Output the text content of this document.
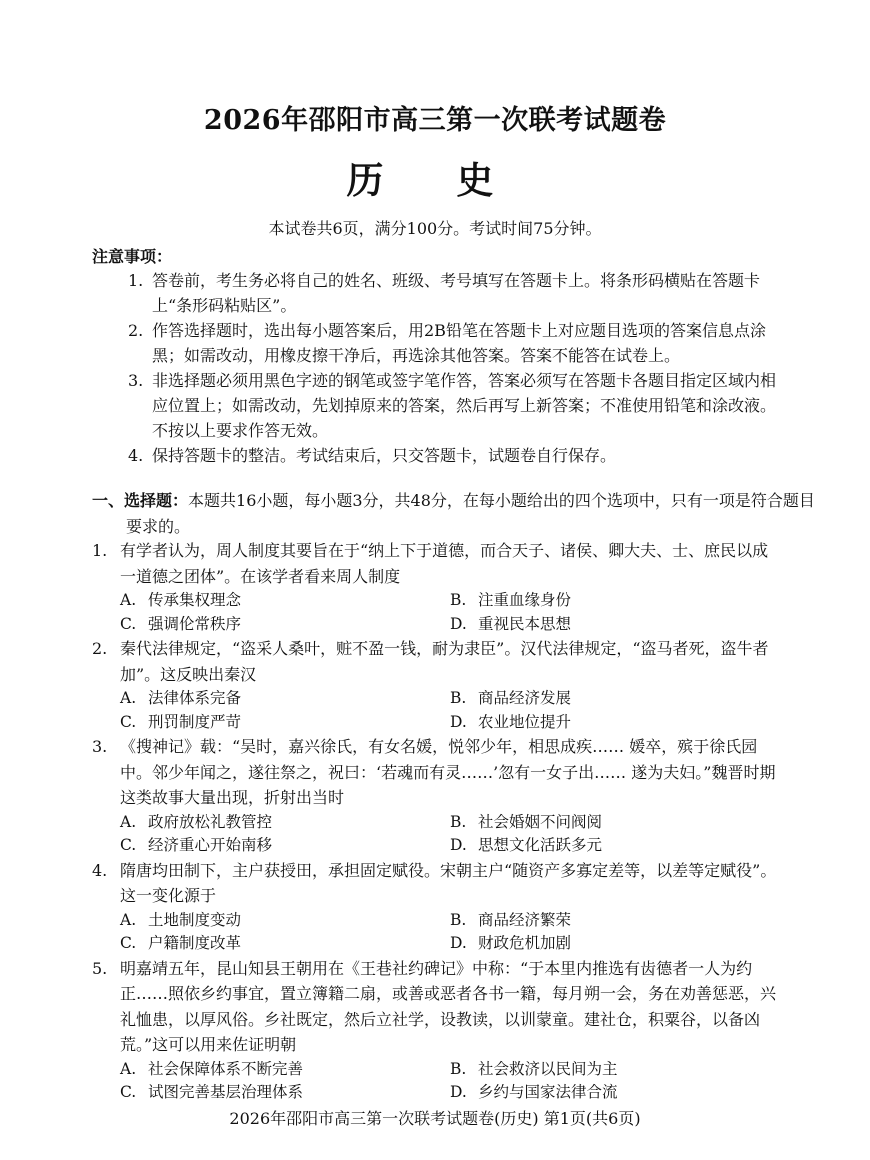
2026年邵阳市高三第一次联考试题卷
历 史
本试卷共6页，满分100分。考试时间75分钟。
注意事项：
1. 答卷前，考生务必将自己的姓名、班级、考号填写在答题卡上。将条形码横贴在答题卡上“条形码粘贴区”。
2. 作答选择题时，选出每小题答案后，用2B铅笔在答题卡上对应题目选项的答案信息点涂黑；如需改动，用橡皮擦干净后，再选涂其他答案。答案不能答在试卷上。
3. 非选择题必须用黑色字迹的钢笔或签字笔作答，答案必须写在答题卡各题目指定区域内相应位置上；如需改动，先划掉原来的答案，然后再写上新答案；不准使用铅笔和涂改液。不按以上要求作答无效。
4. 保持答题卡的整洁。考试结束后，只交答题卡，试题卷自行保存。
一、选择题：本题共16小题，每小题3分，共48分，在每小题给出的四个选项中，只有一项是符合题目要求的。
1. 有学者认为，周人制度其要旨在于“纳上下于道德，而合天子、诸侯、卿大夫、士、庶民以成一道德之团体”。在该学者看来周人制度
A. 传承集权理念	B. 注重血缘身份
C. 强调伦常秩序	D. 重视民本思想
2. 秦代法律规定，“盗采人桑叶，赃不盈一钱，耐为隶臣”。汉代法律规定，“盗马者死，盗牛者加”。这反映出秦汉
A. 法律体系完备	B. 商品经济发展
C. 刑罚制度严苛	D. 农业地位提升
3. 《搜神记》载：“吴时，嘉兴徐氏，有女名媛，悦邻少年，相思成疾…… 媛卒，殡于徐氏园中。邻少年闻之，遂往祭之，祝曰：‘若魂而有灵……’忽有一女子出…… 遂为夫妇。”魏晋时期这类故事大量出现，折射出当时
A. 政府放松礼教管控	B. 社会婚姻不问阀阅
C. 经济重心开始南移	D. 思想文化活跃多元
4. 隋唐均田制下，主户获授田，承担固定赋役。宋朝主户“随资产多寡定差等，以差等定赋役”。这一变化源于
A. 土地制度变动	B. 商品经济繁荣
C. 户籍制度改革	D. 财政危机加剧
5. 明嘉靖五年，昆山知县王朝用在《王巷社约碑记》中称：“于本里内推选有齿德者一人为约正……照依乡约事宜，置立簿籍二扇，或善或恶者各书一籍，每月朔一会，务在劝善惩恶，兴礼恤患，以厚风俗。乡社既定，然后立社学，设教读，以训蒙童。建社仓，积粟谷，以备凶荒。”这可以用来佐证明朝
A. 社会保障体系不断完善	B. 社会救济以民间为主
C. 试图完善基层治理体系	D. 乡约与国家法律合流
2026年邵阳市高三第一次联考试题卷(历史) 第1页(共6页)
